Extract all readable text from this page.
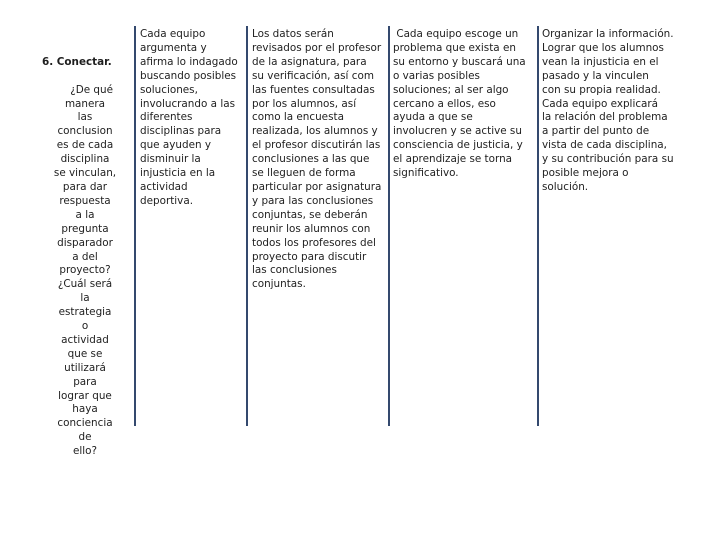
6. Conectar.

¿De qué
manera
las
conclusion
es de cada
disciplina
se vinculan,
para dar
respuesta
a la
pregunta
disparador
a del
proyecto?
¿Cuál será
la
estrategia
o
actividad
que se
utilizará
para
lograr que
haya
conciencia
de
ello?

Cada equipo
argumenta y
afirma lo indagado
buscando posibles
soluciones,
involucrando a las
diferentes
disciplinas para
que ayuden y
disminuir la
injusticia en la
actividad
deportiva.
Los datos serán
revisados por el profesor
de la asignatura, para
su verificación, así com
las fuentes consultadas
por los alumnos, así
como la encuesta
realizada, los alumnos y
el profesor discutirán las
conclusiones a las que
se lleguen de forma
particular por asignatura
y para las conclusiones
conjuntas, se deberán
reunir los alumnos con
todos los profesores del
proyecto para discutir
las conclusiones
conjuntas.
Cada equipo escoge un
problema que exista en
su entorno y buscará una
o varias posibles
soluciones; al ser algo
cercano a ellos, eso
ayuda a que se
involucren y se active su
consciencia de justicia, y
el aprendizaje se torna
significativo.
Organizar la información.
Lograr que los alumnos
vean la injusticia en el
pasado y la vinculen
con su propia realidad.
Cada equipo explicará
la relación del problema
a partir del punto de
vista de cada disciplina,
y su contribución para su
posible mejora o
solución.
